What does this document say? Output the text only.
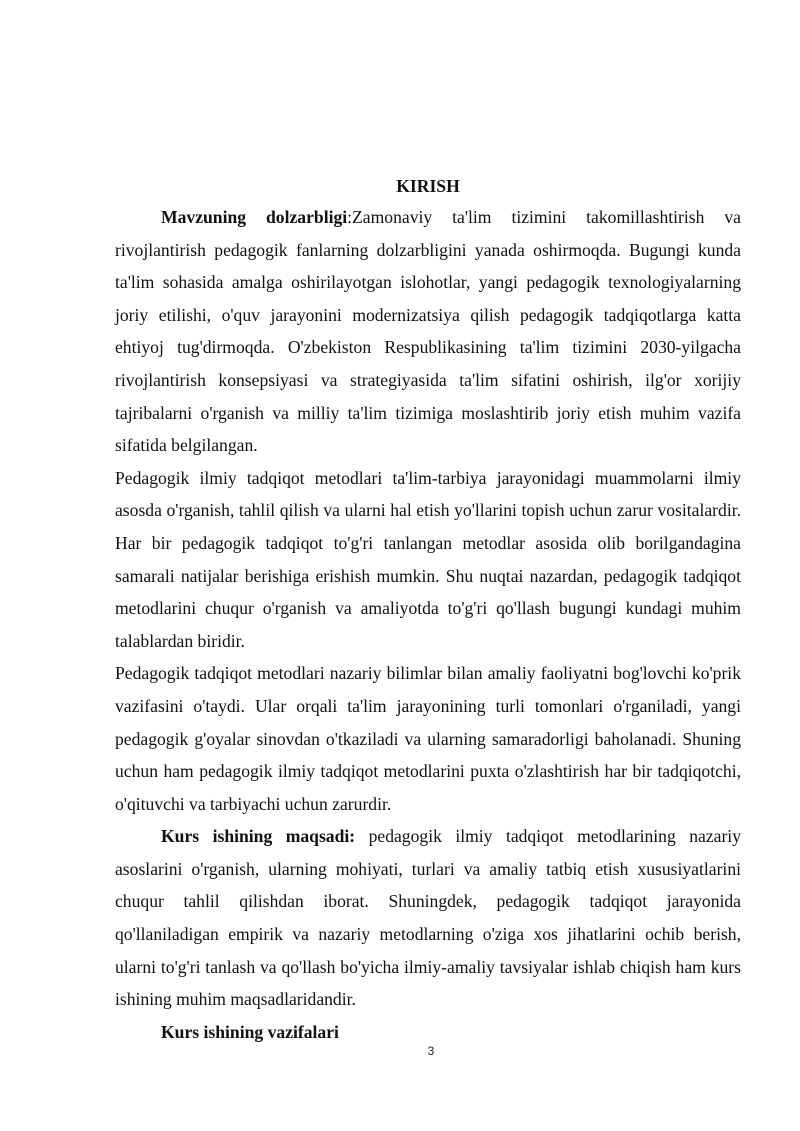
KIRISH

Mavzuning dolzarbligi:Zamonaviy ta'lim tizimini takomillashtirish va rivojlantirish pedagogik fanlarning dolzarbligini yanada oshirmoqda. Bugungi kunda ta'lim sohasida amalga oshirilayotgan islohotlar, yangi pedagogik texnologiyalarning joriy etilishi, o'quv jarayonini modernizatsiya qilish pedagogik tadqiqotlarga katta ehtiyoj tug'dirmoqda. O'zbekiston Respublikasining ta'lim tizimini 2030-yilgacha rivojlantirish konsepsiyasi va strategiyasida ta'lim sifatini oshirish, ilg'or xorijiy tajribalarni o'rganish va milliy ta'lim tizimiga moslashtirib joriy etish muhim vazifa sifatida belgilangan.

Pedagogik ilmiy tadqiqot metodlari ta'lim-tarbiya jarayonidagi muammolarni ilmiy asosda o'rganish, tahlil qilish va ularni hal etish yo'llarini topish uchun zarur vositalardir. Har bir pedagogik tadqiqot to'g'ri tanlangan metodlar asosida olib borilgandagina samarali natijalar berishiga erishish mumkin. Shu nuqtai nazardan, pedagogik tadqiqot metodlarini chuqur o'rganish va amaliyotda to'g'ri qo'llash bugungi kundagi muhim talablardan biridir.

Pedagogik tadqiqot metodlari nazariy bilimlar bilan amaliy faoliyatni bog'lovchi ko'prik vazifasini o'taydi. Ular orqali ta'lim jarayonining turli tomonlari o'rganiladi, yangi pedagogik g'oyalar sinovdan o'tkaziladi va ularning samaradorligi baholanadi. Shuning uchun ham pedagogik ilmiy tadqiqot metodlarini puxta o'zlashtirish har bir tadqiqotchi, o'qituvchi va tarbiyachi uchun zarurdir.

Kurs ishining maqsadi: pedagogik ilmiy tadqiqot metodlarining nazariy asoslarini o'rganish, ularning mohiyati, turlari va amaliy tatbiq etish xususiyatlarini chuqur tahlil qilishdan iborat. Shuningdek, pedagogik tadqiqot jarayonida qo'llaniladigan empirik va nazariy metodlarning o'ziga xos jihatlarini ochib berish, ularni to'g'ri tanlash va qo'llash bo'yicha ilmiy-amaliy tavsiyalar ishlab chiqish ham kurs ishining muhim maqsadlaridandir.

Kurs ishining vazifalari

3
